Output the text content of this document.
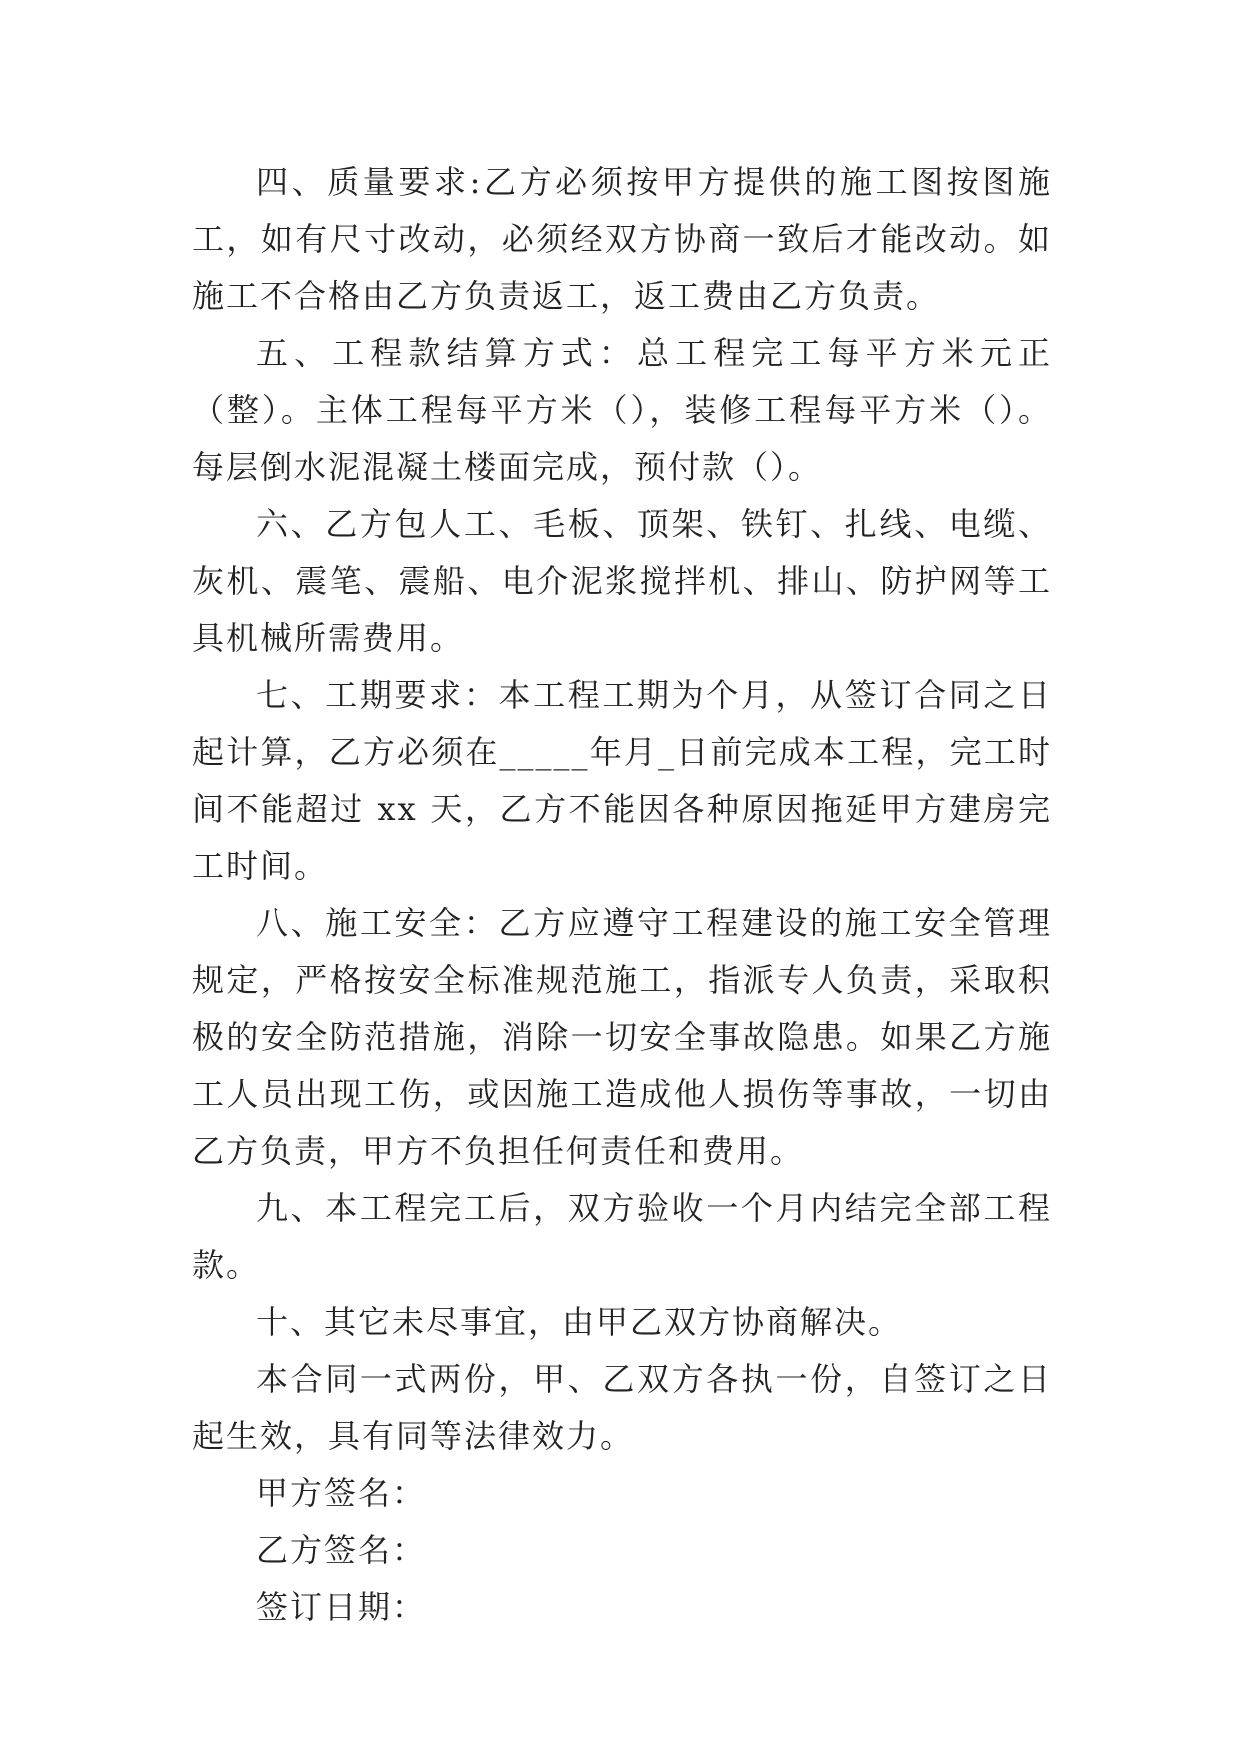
四、质量要求:乙方必须按甲方提供的施工图按图施工，如有尺寸改动，必须经双方协商一致后才能改动。如施工不合格由乙方负责返工，返工费由乙方负责。

五、工程款结算方式：总工程完工每平方米元正（整）。主体工程每平方米（），装修工程每平方米（）。每层倒水泥混凝土楼面完成，预付款（）。

六、乙方包人工、毛板、顶架、铁钉、扎线、电缆、灰机、震笔、震船、电介泥浆搅拌机、排山、防护网等工具机械所需费用。

七、工期要求：本工程工期为个月，从签订合同之日起计算，乙方必须在_____年月_日前完成本工程，完工时间不能超过 xx 天，乙方不能因各种原因拖延甲方建房完工时间。

八、施工安全：乙方应遵守工程建设的施工安全管理规定，严格按安全标准规范施工，指派专人负责，采取积极的安全防范措施，消除一切安全事故隐患。如果乙方施工人员出现工伤，或因施工造成他人损伤等事故，一切由乙方负责，甲方不负担任何责任和费用。

九、本工程完工后，双方验收一个月内结完全部工程款。

十、其它未尽事宜，由甲乙双方协商解决。

本合同一式两份，甲、乙双方各执一份，自签订之日起生效，具有同等法律效力。

甲方签名：

乙方签名：

签订日期：
